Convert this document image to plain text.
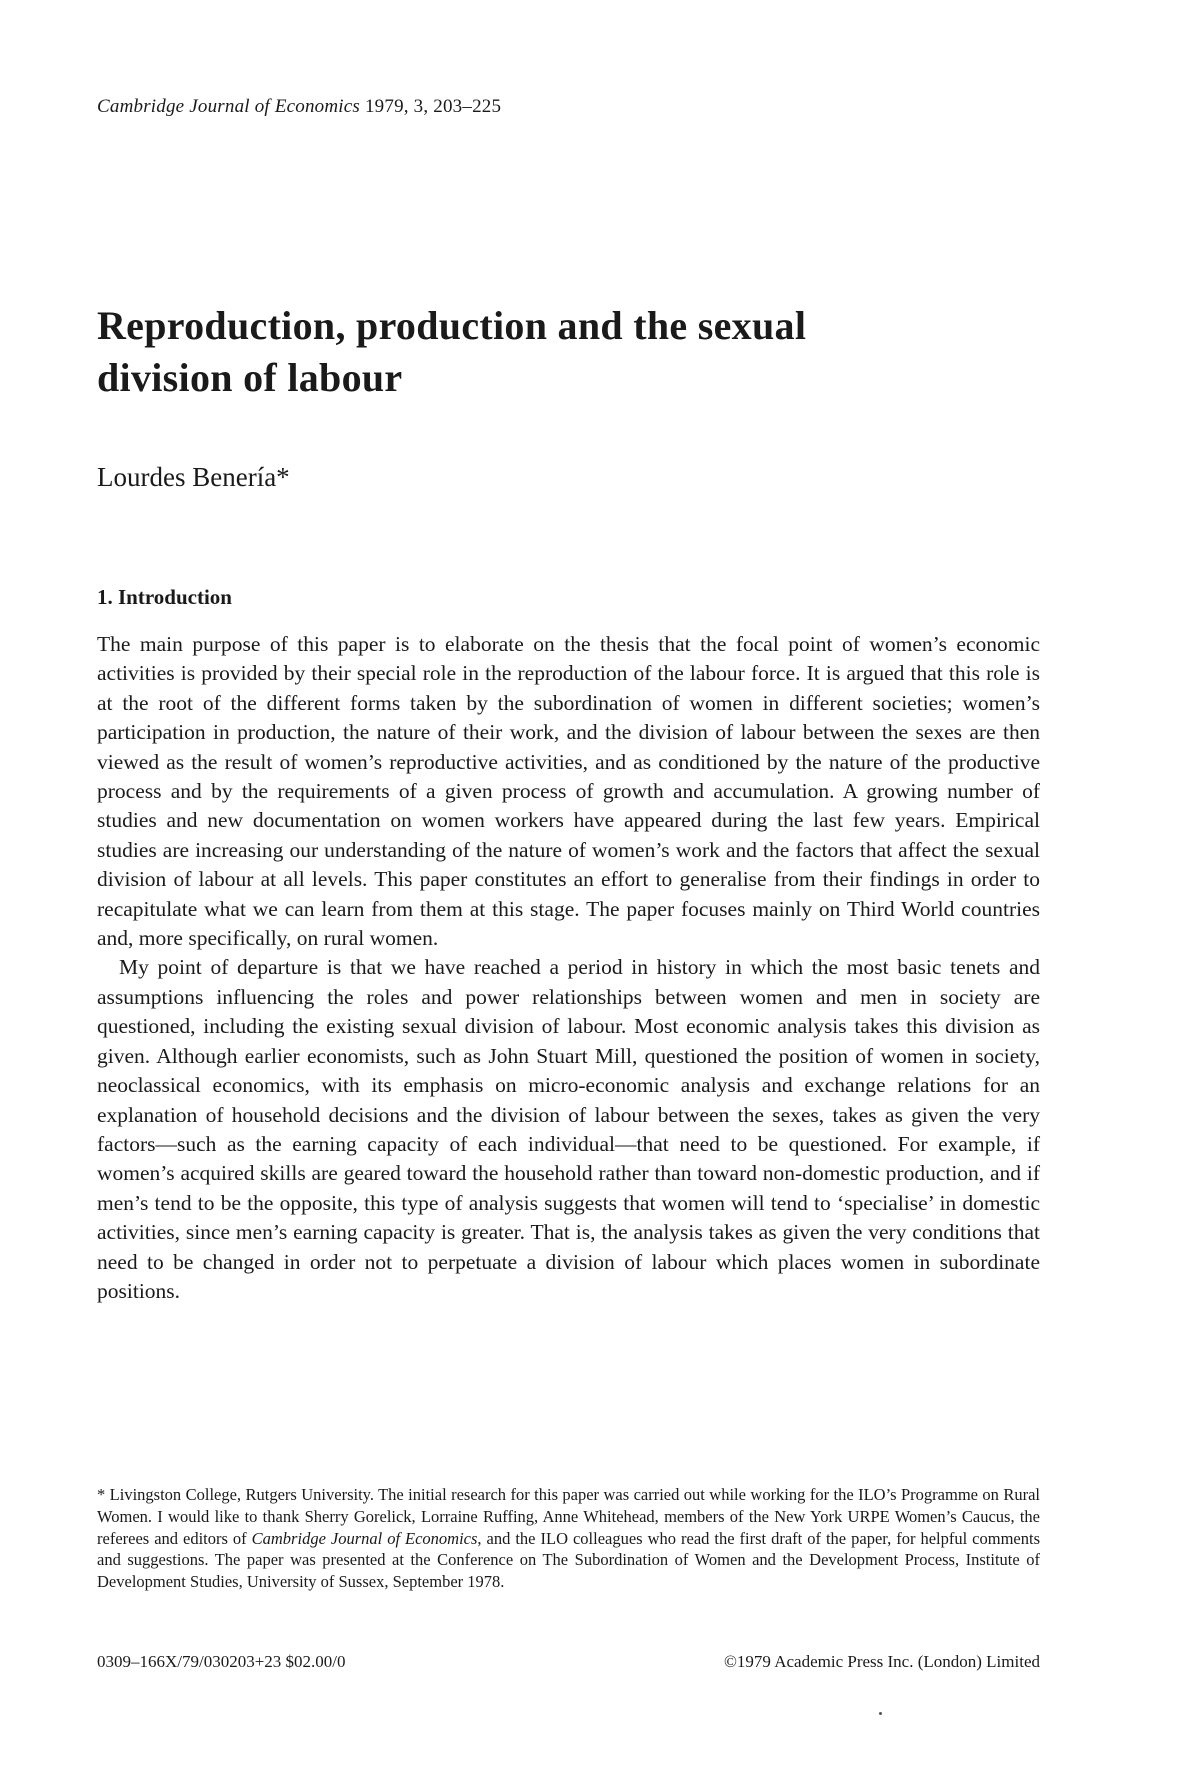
Cambridge Journal of Economics 1979, 3, 203–225
Reproduction, production and the sexual
division of labour
Lourdes Benería*
1. Introduction

The main purpose of this paper is to elaborate on the thesis that the focal point of women’s economic activities is provided by their special role in the reproduction of the labour force. It is argued that this role is at the root of the different forms taken by the subordination of women in different societies; women’s participation in production, the nature of their work, and the division of labour between the sexes are then viewed as the result of women’s reproductive activities, and as conditioned by the nature of the productive process and by the requirements of a given process of growth and accumulation. A growing number of studies and new documentation on women workers have appeared during the last few years. Empirical studies are increasing our understanding of the nature of women’s work and the factors that affect the sexual division of labour at all levels. This paper constitutes an effort to generalise from their findings in order to recapitulate what we can learn from them at this stage. The paper focuses mainly on Third World countries and, more specifically, on rural women.

My point of departure is that we have reached a period in history in which the most basic tenets and assumptions influencing the roles and power relationships between women and men in society are questioned, including the existing sexual division of labour. Most economic analysis takes this division as given. Although earlier economists, such as John Stuart Mill, questioned the position of women in society, neoclassical economics, with its emphasis on micro-economic analysis and exchange relations for an explanation of household decisions and the division of labour between the sexes, takes as given the very factors—such as the earning capacity of each individual—that need to be questioned. For example, if women’s acquired skills are geared toward the household rather than toward non-domestic production, and if men’s tend to be the opposite, this type of analysis suggests that women will tend to ‘specialise’ in domestic activities, since men’s earning capacity is greater. That is, the analysis takes as given the very conditions that need to be changed in order not to perpetuate a division of labour which places women in subordinate positions.

* Livingston College, Rutgers University. The initial research for this paper was carried out while working for the ILO’s Programme on Rural Women. I would like to thank Sherry Gorelick, Lorraine Ruffing, Anne Whitehead, members of the New York URPE Women’s Caucus, the referees and editors of Cambridge Journal of Economics, and the ILO colleagues who read the first draft of the paper, for helpful comments and suggestions. The paper was presented at the Conference on The Subordination of Women and the Development Process, Institute of Development Studies, University of Sussex, September 1978.

0309–166X/79/030203+23 $02.00/0	©1979 Academic Press Inc. (London) Limited
